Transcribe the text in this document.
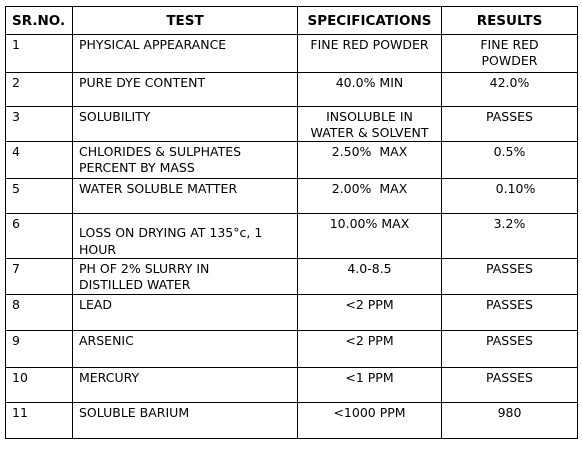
SR.NO.	TEST	SPECIFICATIONS	RESULTS
1	PHYSICAL APPEARANCE	FINE RED POWDER	FINE RED POWDER
2	PURE DYE CONTENT	40.0% MIN	42.0%
3	SOLUBILITY	INSOLUBLE IN WATER & SOLVENT	PASSES
4	CHLORIDES & SULPHATES PERCENT BY MASS	2.50%  MAX	0.5%
5	WATER SOLUBLE MATTER	2.00%  MAX	0.10%
6	LOSS ON DRYING AT 135°c, 1 HOUR	10.00% MAX	3.2%
7	PH OF 2% SLURRY IN DISTILLED WATER	4.0-8.5	PASSES
8	LEAD	<2 PPM	PASSES
9	ARSENIC	<2 PPM	PASSES
10	MERCURY	<1 PPM	PASSES
11	SOLUBLE BARIUM	<1000 PPM	980
